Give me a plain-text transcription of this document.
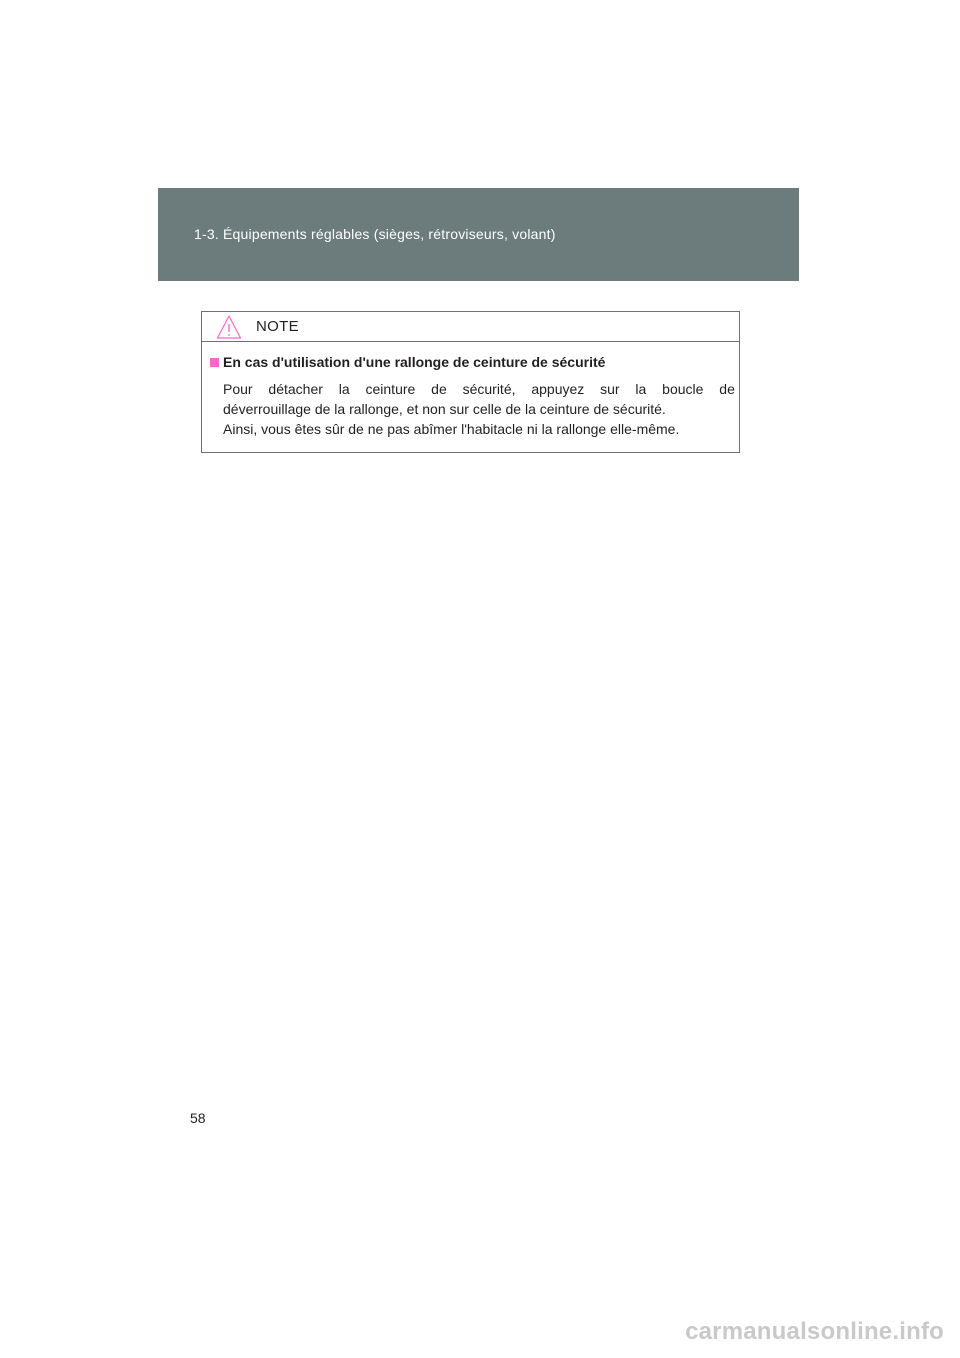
1-3. Équipements réglables (sièges, rétroviseurs, volant)
NOTE
En cas d'utilisation d'une rallonge de ceinture de sécurité
Pour détacher la ceinture de sécurité, appuyez sur la boucle de
déverrouillage de la rallonge, et non sur celle de la ceinture de sécurité.
Ainsi, vous êtes sûr de ne pas abîmer l'habitacle ni la rallonge elle-même.
58
carmanualsonline.info
